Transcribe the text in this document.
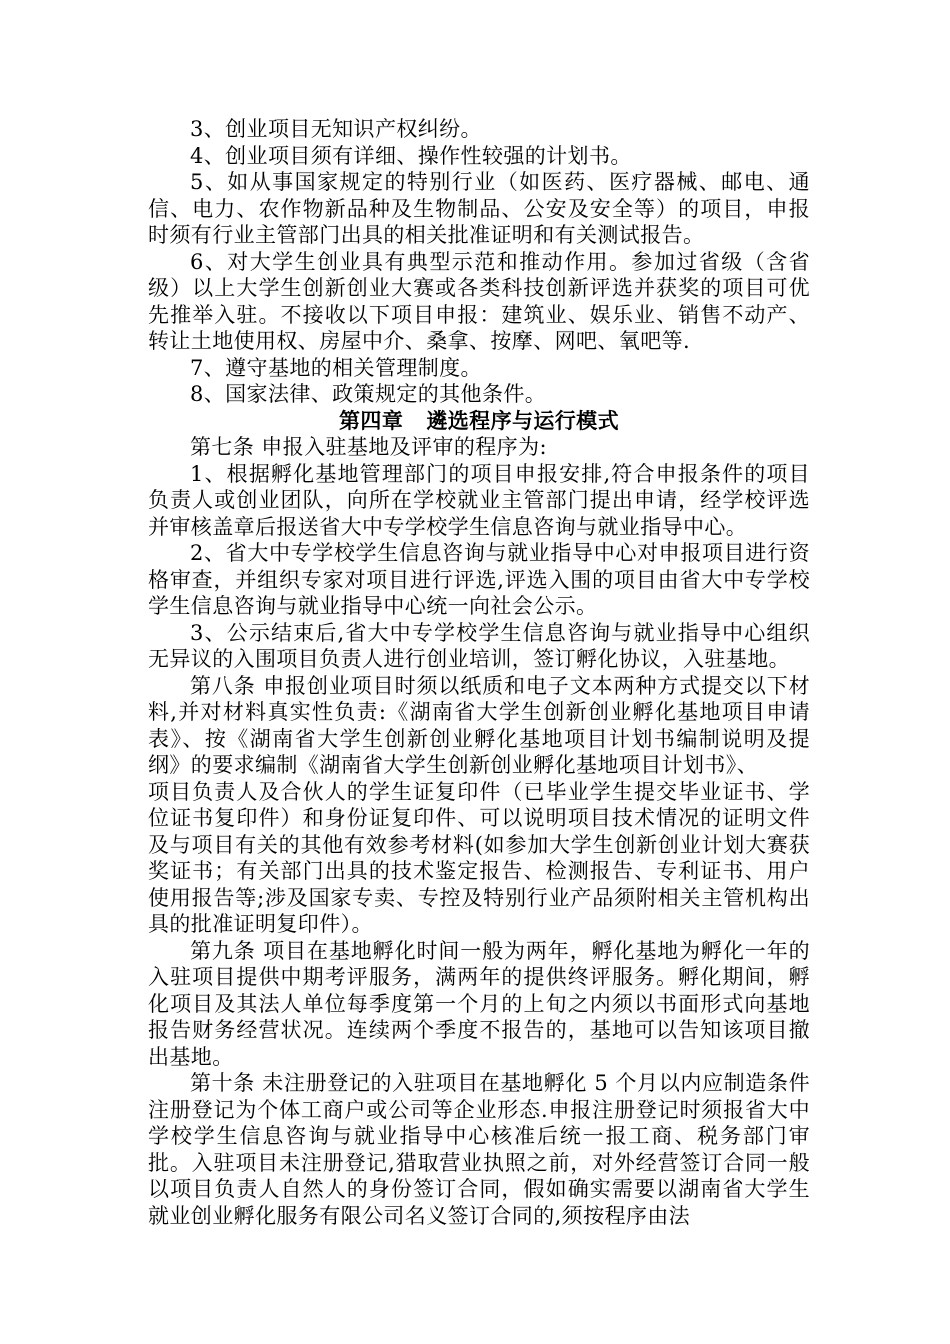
3、创业项目无知识产权纠纷。

4、创业项目须有详细、操作性较强的计划书。

5、如从事国家规定的特别行业（如医药、医疗器械、邮电、通信、电力、农作物新品种及生物制品、公安及安全等）的项目，申报时须有行业主管部门出具的相关批准证明和有关测试报告。

6、对大学生创业具有典型示范和推动作用。参加过省级（含省级）以上大学生创新创业大赛或各类科技创新评选并获奖的项目可优先推举入驻。不接收以下项目申报：建筑业、娱乐业、销售不动产、转让土地使用权、房屋中介、桑拿、按摩、网吧、氧吧等.

7、遵守基地的相关管理制度。

8、国家法律、政策规定的其他条件。

第四章   遴选程序与运行模式

第七条 申报入驻基地及评审的程序为:

1、根据孵化基地管理部门的项目申报安排,符合申报条件的项目负责人或创业团队，向所在学校就业主管部门提出申请，经学校评选并审核盖章后报送省大中专学校学生信息咨询与就业指导中心。

2、省大中专学校学生信息咨询与就业指导中心对申报项目进行资格审查，并组织专家对项目进行评选,评选入围的项目由省大中专学校学生信息咨询与就业指导中心统一向社会公示。

3、公示结束后,省大中专学校学生信息咨询与就业指导中心组织无异议的入围项目负责人进行创业培训，签订孵化协议，入驻基地。

第八条 申报创业项目时须以纸质和电子文本两种方式提交以下材料,并对材料真实性负责:《湖南省大学生创新创业孵化基地项目申请表》、按《湖南省大学生创新创业孵化基地项目计划书编制说明及提纲》的要求编制《湖南省大学生创新创业孵化基地项目计划书》、

项目负责人及合伙人的学生证复印件（已毕业学生提交毕业证书、学位证书复印件）和身份证复印件、可以说明项目技术情况的证明文件及与项目有关的其他有效参考材料(如参加大学生创新创业计划大赛获奖证书；有关部门出具的技术鉴定报告、检测报告、专利证书、用户使用报告等;涉及国家专卖、专控及特别行业产品须附相关主管机构出具的批准证明复印件）。

第九条 项目在基地孵化时间一般为两年，孵化基地为孵化一年的入驻项目提供中期考评服务，满两年的提供终评服务。孵化期间，孵化项目及其法人单位每季度第一个月的上旬之内须以书面形式向基地报告财务经营状况。连续两个季度不报告的，基地可以告知该项目撤出基地。

第十条 未注册登记的入驻项目在基地孵化 5 个月以内应制造条件注册登记为个体工商户或公司等企业形态.申报注册登记时须报省大中学校学生信息咨询与就业指导中心核准后统一报工商、税务部门审批。入驻项目未注册登记,猎取营业执照之前，对外经营签订合同一般以项目负责人自然人的身份签订合同，假如确实需要以湖南省大学生就业创业孵化服务有限公司名义签订合同的,须按程序由法
